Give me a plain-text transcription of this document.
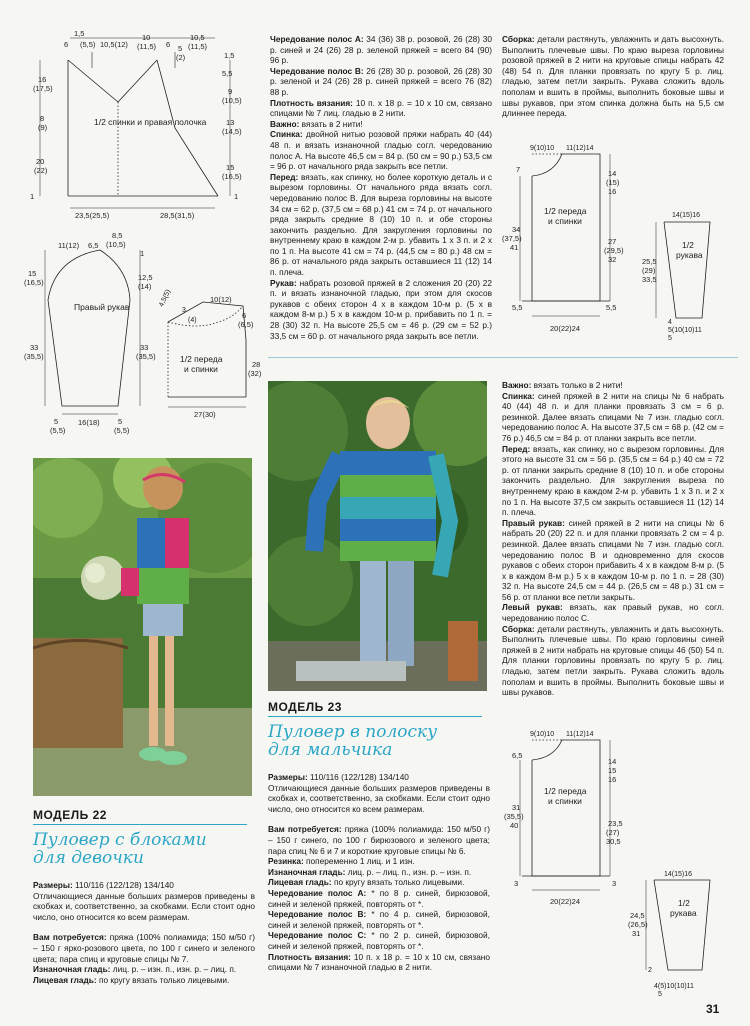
1,5
(5,5)
6	10,5(12)
10
(11,5) 6
10,5
(11,5)
5
(2)	1,5
5,5
16
(17,5)
8
(9)
20
(22)
9
(10,5)
13
(14,5)
15
(16,5)
1/2 спинки и правая полочка
23,5(25,5)	28,5(31,5)
1	1
11(12) 6,5
8,5
(10,5)
1
15
(16,5)
12,5
(14)
33
(35,5)
33
(35,5)
Правый рукав
5
(5,5)
16(18) 5
(5,5)
4,5(5)
3
(4)
10(12)
6
(6,5)
28
(32)
1/2 переда
и спинки
27(30)

Чередование полос А: 34 (36) 38 р. розовой, 26 (28) 30 р. синей и 24 (26) 28 р. зеленой пряжей = всего 84 (90) 96 р.

Чередование полос В: 26 (28) 30 р. розовой, 26 (28) 30 р. зеленой и 24 (26) 28 р. синей пряжей = всего 76 (82) 88 р.

Плотность вязания: 10 п. х 18 р. = 10 х 10 см, связано спицами № 7 лиц. гладью в 2 нити.

Важно: вязать в 2 нити!

Спинка: двойной нитью розовой пряжи набрать 40 (44) 48 п. и вязать изнаночной гладью согл. чередованию полос А. На высоте 46,5 см = 84 р. (50 см = 90 р.) 53,5 см = 96 р. от начального ряда закрыть все петли.

Перед: вязать, как спинку, но более короткую деталь и с вырезом горловины. От начального ряда вязать согл. чередованию полос В. Для выреза горловины на высоте 34 см = 62 р. (37,5 см = 68 р.) 41 см = 74 р. от начального ряда закрыть средние 8 (10) 10 п. и обе стороны закончить раздельно. Для закругления горловины по внутреннему краю в каждом 2-м р. убавить 1 х 3 п. и 2 х по 1 п. На высоте 41 см = 74 р. (44,5 см = 80 р.) 48 см = 86 р. от начального ряда закрыть оставшиеся 11 (12) 14 п. плеча.

Рукав: набрать розовой пряжей в 2 сложения 20 (20) 22 п. и вязать изнаночной гладью, при этом для скосов рукавов с обеих сторон 4 х в каждом 10-м р. (5 х в каждом 8-м р.) 5 х в каждом 10-м р. прибавить по 1 п. = 28 (30) 32 п. На высоте 25,5 см = 46 р. (29 см = 52 р.) 33,5 см = 60 р. от начального ряда закрыть все петли.

Сборка: детали растянуть, увлажнить и дать высохнуть. Выполнить плечевые швы. По краю выреза горловины розовой пряжей в 2 нити на круговые спицы набрать 42 (48) 54 п. Для планки провязать по кругу 5 р. лиц. гладью, затем петли закрыть. Рукава сложить вдоль пополам и вшить в проймы, выполнить боковые швы и швы рукавов, при этом спинка должна быть на 5,5 см длиннее переда.

9(10)10 11(12)14
7
34
(37,5)
41
5,5
14
(15)
16
27
(29,5)
32
5,5
1/2 переда
и спинки
20(22)24
14(15)16
25,5
(29)
33,5
1/2
рукава
4
5(10(10)11
5

Важно: вязать только в 2 нити!

Спинка: синей пряжей в 2 нити на спицы № 6 набрать 40 (44) 48 п. и для планки провязать 3 см = 6 р. резинкой. Далее вязать спицами № 7 изн. гладью согл. чередованию полос А. На высоте 37,5 см = 68 р. (42 см = 76 р.) 46,5 см = 84 р. от планки закрыть все петли.

Перед: вязать, как спинку, но с вырезом горловины. Для этого на высоте 31 см = 56 р. (35,5 см = 64 р.) 40 см = 72 р. от планки закрыть средние 8 (10) 10 п. и обе стороны закончить раздельно. Для закругления выреза по внутреннему краю в каждом 2-м р. убавить 1 х 3 п. и 2 х по 1 п. На высоте 37,5 см закрыть оставшиеся 11 (12) 14 п. плеча.

Правый рукав: синей пряжей в 2 нити на спицы № 6 набрать 20 (20) 22 п. и для планки провязать 2 см = 4 р. резинкой. Далее вязать спицами № 7 изн. гладью согл. чередованию полос В и одновременно для скосов рукавов с обеих сторон прибавить 4 х в каждом 8-м р. (5 х в каждом 8-м р.) 5 х в каждом 10-м р. по 1 п. = 28 (30) 32 п. На высоте 24,5 см = 44 р. (26,5 см = 48 р.) 31 см = 56 р. от планки все петли закрыть.

Левый рукав: вязать, как правый рукав, но согл. чередованию полос С.

Сборка: детали растянуть, увлажнить и дать высохнуть. Выполнить плечевые швы. По краю горловины синей пряжей в 2 нити набрать на круговые спицы 46 (50) 54 п. Для планки горловины провязать по кругу 5 р. лиц. гладью, затем петли закрыть. Рукава сложить вдоль пополам и вшить в проймы. Выполнить боковые швы и швы рукавов.

9(10)10 11(12)14
6,5
31
(35,5)
40
3
14
15
16
23,5
(27)
30,5
3
1/2 переда
и спинки
20(22)24
14(15)16
24,5
(26,5)
31
1/2
рукава
2
4(5)10(10)11
5
МОДЕЛЬ 23
Пуловер в полоску
для мальчика

Размеры: 110/116 (122/128) 134/140

Отличающиеся данные больших размеров приведены в скобках и, соответственно, за скобками. Если стоит одно число, оно относится ко всем размерам.

Вам потребуется: пряжа (100% полиамида: 150 м/50 г) – 150 г синего, по 100 г бирюзового и зеленого цвета; пара спиц № 6 и 7 и короткие круговые спицы № 6.

Резинка: попеременно 1 лиц. и 1 изн.

Изнаночная гладь: лиц. р. – лиц. п., изн. р. – изн. п.

Лицевая гладь: по кругу вязать только лицевыми.

Чередование полос А: * по 8 р. синей, бирюзовой, синей и зеленой пряжей, повторять от *.

Чередование полос В: * по 4 р. синей, бирюзовой, синей и зеленой пряжей, повторять от *.

Чередование полос С: * по 2 р. синей, бирюзовой, синей и зеленой пряжей, повторять от *.

Плотность вязания: 10 п. х 18 р. = 10 х 10 см, связано спицами № 7 изнаночной гладью в 2 нити.

МОДЕЛЬ 22
Пуловер с блоками
для девочки

Размеры: 110/116 (122/128) 134/140

Отличающиеся данные больших размеров приведены в скобках и, соответственно, за скобками. Если стоит одно число, оно относится ко всем размерам.

Вам потребуется: пряжа (100% полиамида; 150 м/50 г) – 150 г ярко-розового цвета, по 100 г синего и зеленого цвета; пара спиц и круговые спицы № 7.

Изнаночная гладь: лиц. р. – изн. п., изн. р. – лиц. п.

Лицевая гладь: по кругу вязать только лицевыми.

31
